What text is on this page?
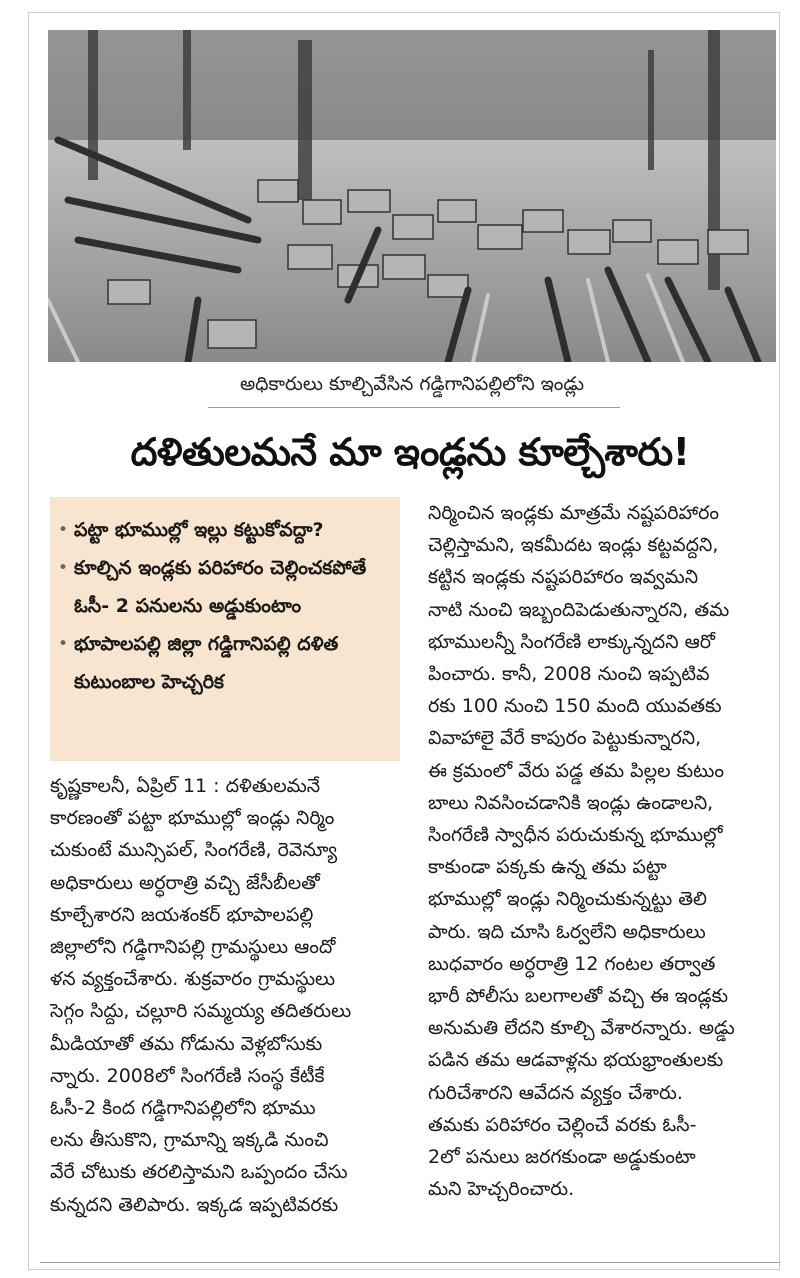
అధికారులు కూల్చివేసిన గడ్డిగానిపల్లిలోని ఇండ్లు
దళితులమనే మా ఇండ్లను కూల్చేశారు!
• పట్టా భూముల్లో ఇల్లు కట్టుకోవద్దా?
• కూల్చిన ఇండ్లకు పరిహారం చెల్లించకపోతే ఓసీ- 2 పనులను అడ్డుకుంటాం
• భూపాలపల్లి జిల్లా గడ్డిగానిపల్లి దళిత కుటుంబాల హెచ్చరిక
కృష్ణకాలనీ, ఏప్రిల్ 11 : దళితులమనే
కారణంతో పట్టా భూముల్లో ఇండ్లు నిర్మిం
చుకుంటే మున్సిపల్, సింగరేణి, రెవెన్యూ
అధికారులు అర్ధరాత్రి వచ్చి జేసీబీలతో
కూల్చేశారని జయశంకర్ భూపాలపల్లి
జిల్లాలోని గడ్డిగానిపల్లి గ్రామస్థులు ఆందో
ళన వ్యక్తంచేశారు. శుక్రవారం గ్రామస్థులు
సెగ్గం సిద్దు, చల్లూరి సమ్మయ్య తదితరులు
మీడియాతో తమ గోడును వెళ్లబోసుకు
న్నారు. 2008లో సింగరేణి సంస్థ కేటీకే
ఓసీ-2 కింద గడ్డిగానిపల్లిలోని భూము
లను తీసుకొని, గ్రామాన్ని ఇక్కడి నుంచి
వేరే చోటుకు తరలిస్తామని ఒప్పందం చేసు
కున్నదని తెలిపారు. ఇక్కడ ఇప్పటివరకు
నిర్మించిన ఇండ్లకు మాత్రమే నష్టపరిహారం
చెల్లిస్తామని, ఇకమీదట ఇండ్లు కట్టవద్దని,
కట్టిన ఇండ్లకు నష్టపరిహారం ఇవ్వమని
నాటి నుంచి ఇబ్బందిపెడుతున్నారని, తమ
భూములన్నీ సింగరేణి లాక్కున్నదని ఆరో
పించారు. కానీ, 2008 నుంచి ఇప్పటివ
రకు 100 నుంచి 150 మంది యువతకు
వివాహాలై వేరే కాపురం పెట్టుకున్నారని,
ఈ క్రమంలో వేరు పడ్డ తమ పిల్లల కుటుం
బాలు నివసించడానికి ఇండ్లు ఉండాలని,
సింగరేణి స్వాధీన పరుచుకున్న భూముల్లో
కాకుండా పక్కకు ఉన్న తమ పట్టా
భూముల్లో ఇండ్లు నిర్మించుకున్నట్టు తెలి
పారు. ఇది చూసి ఓర్వలేని అధికారులు
బుధవారం అర్ధరాత్రి 12 గంటల తర్వాత
భారీ పోలీసు బలగాలతో వచ్చి ఈ ఇండ్లకు
అనుమతి లేదని కూల్చి వేశారన్నారు. అడ్డు
పడిన తమ ఆడవాళ్లను భయభ్రాంతులకు
గురిచేశారని ఆవేదన వ్యక్తం చేశారు.
తమకు పరిహారం చెల్లించే వరకు ఓసీ-
2లో పనులు జరగకుండా అడ్డుకుంటా
మని హెచ్చరించారు.
